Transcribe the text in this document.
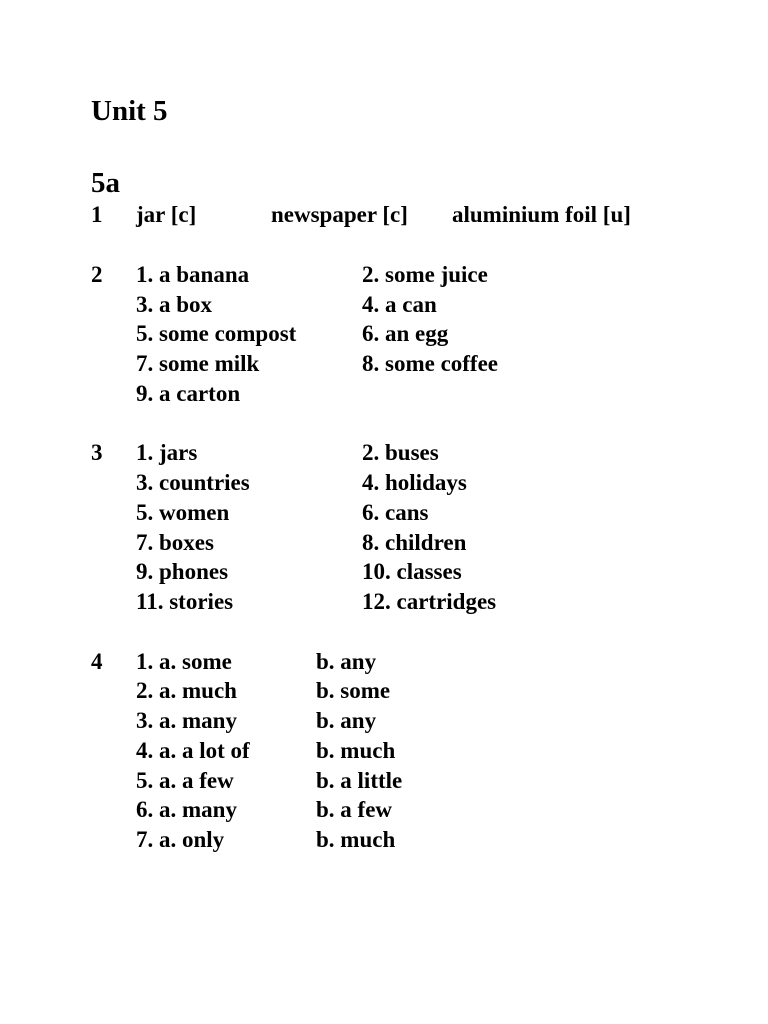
Unit 5
5a
1 jar [c]	newspaper [c] aluminium foil [u]
2 1. a banana
3. a box
5. some compost
7. some milk
9. a carton
2. some juice
4. a can
6. an egg
8. some coffee
3 1. jars
3. countries
5. women
7. boxes
9. phones
11. stories
2. buses
4. holidays
6. cans
8. children
10. classes
12. cartridges
4 1. a. some
2. a. much
3. a. many
4. a. a lot of
5. a. a few
6. a. many
7. a. only
b. any
b. some
b. any
b. much
b. a little
b. a few
b. much
